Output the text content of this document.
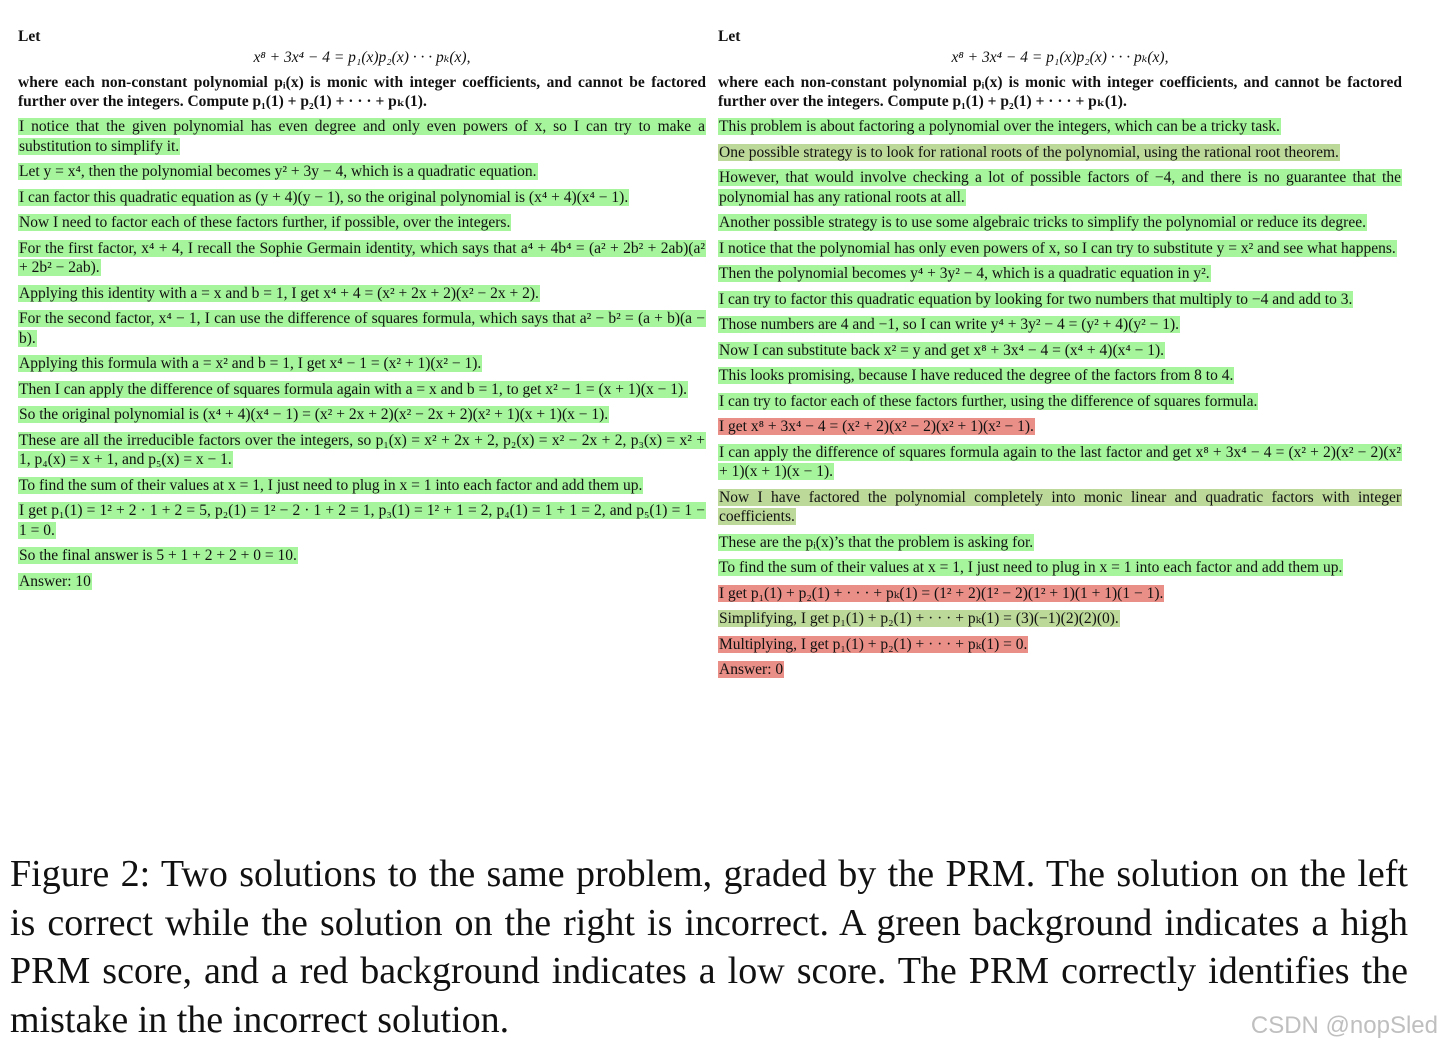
Let

x⁸ + 3x⁴ − 4 = p₁(x)p₂(x) · · · pₖ(x),

where each non-constant polynomial pᵢ(x) is monic with integer coefficients, and cannot be factored further over the integers. Compute p₁(1) + p₂(1) + · · · + pₖ(1).

I notice that the given polynomial has even degree and only even powers of x, so I can try to make a substitution to simplify it.

Let y = x⁴, then the polynomial becomes y² + 3y − 4, which is a quadratic equation.

I can factor this quadratic equation as (y + 4)(y − 1), so the original polynomial is (x⁴ + 4)(x⁴ − 1).

Now I need to factor each of these factors further, if possible, over the integers.

For the first factor, x⁴ + 4, I recall the Sophie Germain identity, which says that a⁴ + 4b⁴ = (a² + 2b² + 2ab)(a² + 2b² − 2ab).

Applying this identity with a = x and b = 1, I get x⁴ + 4 = (x² + 2x + 2)(x² − 2x + 2).

For the second factor, x⁴ − 1, I can use the difference of squares formula, which says that a² − b² = (a + b)(a − b).

Applying this formula with a = x² and b = 1, I get x⁴ − 1 = (x² + 1)(x² − 1).

Then I can apply the difference of squares formula again with a = x and b = 1, to get x² − 1 = (x + 1)(x − 1).

So the original polynomial is (x⁴ + 4)(x⁴ − 1) = (x² + 2x + 2)(x² − 2x + 2)(x² + 1)(x + 1)(x − 1).

These are all the irreducible factors over the integers, so p₁(x) = x² + 2x + 2, p₂(x) = x² − 2x + 2, p₃(x) = x² + 1, p₄(x) = x + 1, and p₅(x) = x − 1.

To find the sum of their values at x = 1, I just need to plug in x = 1 into each factor and add them up.

I get p₁(1) = 1² + 2 · 1 + 2 = 5, p₂(1) = 1² − 2 · 1 + 2 = 1, p₃(1) = 1² + 1 = 2, p₄(1) = 1 + 1 = 2, and p₅(1) = 1 − 1 = 0.

So the final answer is 5 + 1 + 2 + 2 + 0 = 10.

Answer: 10

Let

x⁸ + 3x⁴ − 4 = p₁(x)p₂(x) · · · pₖ(x),

where each non-constant polynomial pᵢ(x) is monic with integer coefficients, and cannot be factored further over the integers. Compute p₁(1) + p₂(1) + · · · + pₖ(1).

This problem is about factoring a polynomial over the integers, which can be a tricky task.

One possible strategy is to look for rational roots of the polynomial, using the rational root theorem.

However, that would involve checking a lot of possible factors of −4, and there is no guarantee that the polynomial has any rational roots at all.

Another possible strategy is to use some algebraic tricks to simplify the polynomial or reduce its degree.

I notice that the polynomial has only even powers of x, so I can try to substitute y = x² and see what happens.

Then the polynomial becomes y⁴ + 3y² − 4, which is a quadratic equation in y².

I can try to factor this quadratic equation by looking for two numbers that multiply to −4 and add to 3.

Those numbers are 4 and −1, so I can write y⁴ + 3y² − 4 = (y² + 4)(y² − 1).

Now I can substitute back x² = y and get x⁸ + 3x⁴ − 4 = (x⁴ + 4)(x⁴ − 1).

This looks promising, because I have reduced the degree of the factors from 8 to 4.

I can try to factor each of these factors further, using the difference of squares formula.

I get x⁸ + 3x⁴ − 4 = (x² + 2)(x² − 2)(x² + 1)(x² − 1).

I can apply the difference of squares formula again to the last factor and get x⁸ + 3x⁴ − 4 = (x² + 2)(x² − 2)(x² + 1)(x + 1)(x − 1).

Now I have factored the polynomial completely into monic linear and quadratic factors with integer coefficients.

These are the pᵢ(x)’s that the problem is asking for.

To find the sum of their values at x = 1, I just need to plug in x = 1 into each factor and add them up.

I get p₁(1) + p₂(1) + · · · + pₖ(1) = (1² + 2)(1² − 2)(1² + 1)(1 + 1)(1 − 1).

Simplifying, I get p₁(1) + p₂(1) + · · · + pₖ(1) = (3)(−1)(2)(2)(0).

Multiplying, I get p₁(1) + p₂(1) + · · · + pₖ(1) = 0.

Answer: 0

Figure 2: Two solutions to the same problem, graded by the PRM. The solution on the left is correct while the solution on the right is incorrect. A green background indicates a high PRM score, and a red background indicates a low score. The PRM correctly identifies the mistake in the incorrect solution.	CSDN @nopSled
